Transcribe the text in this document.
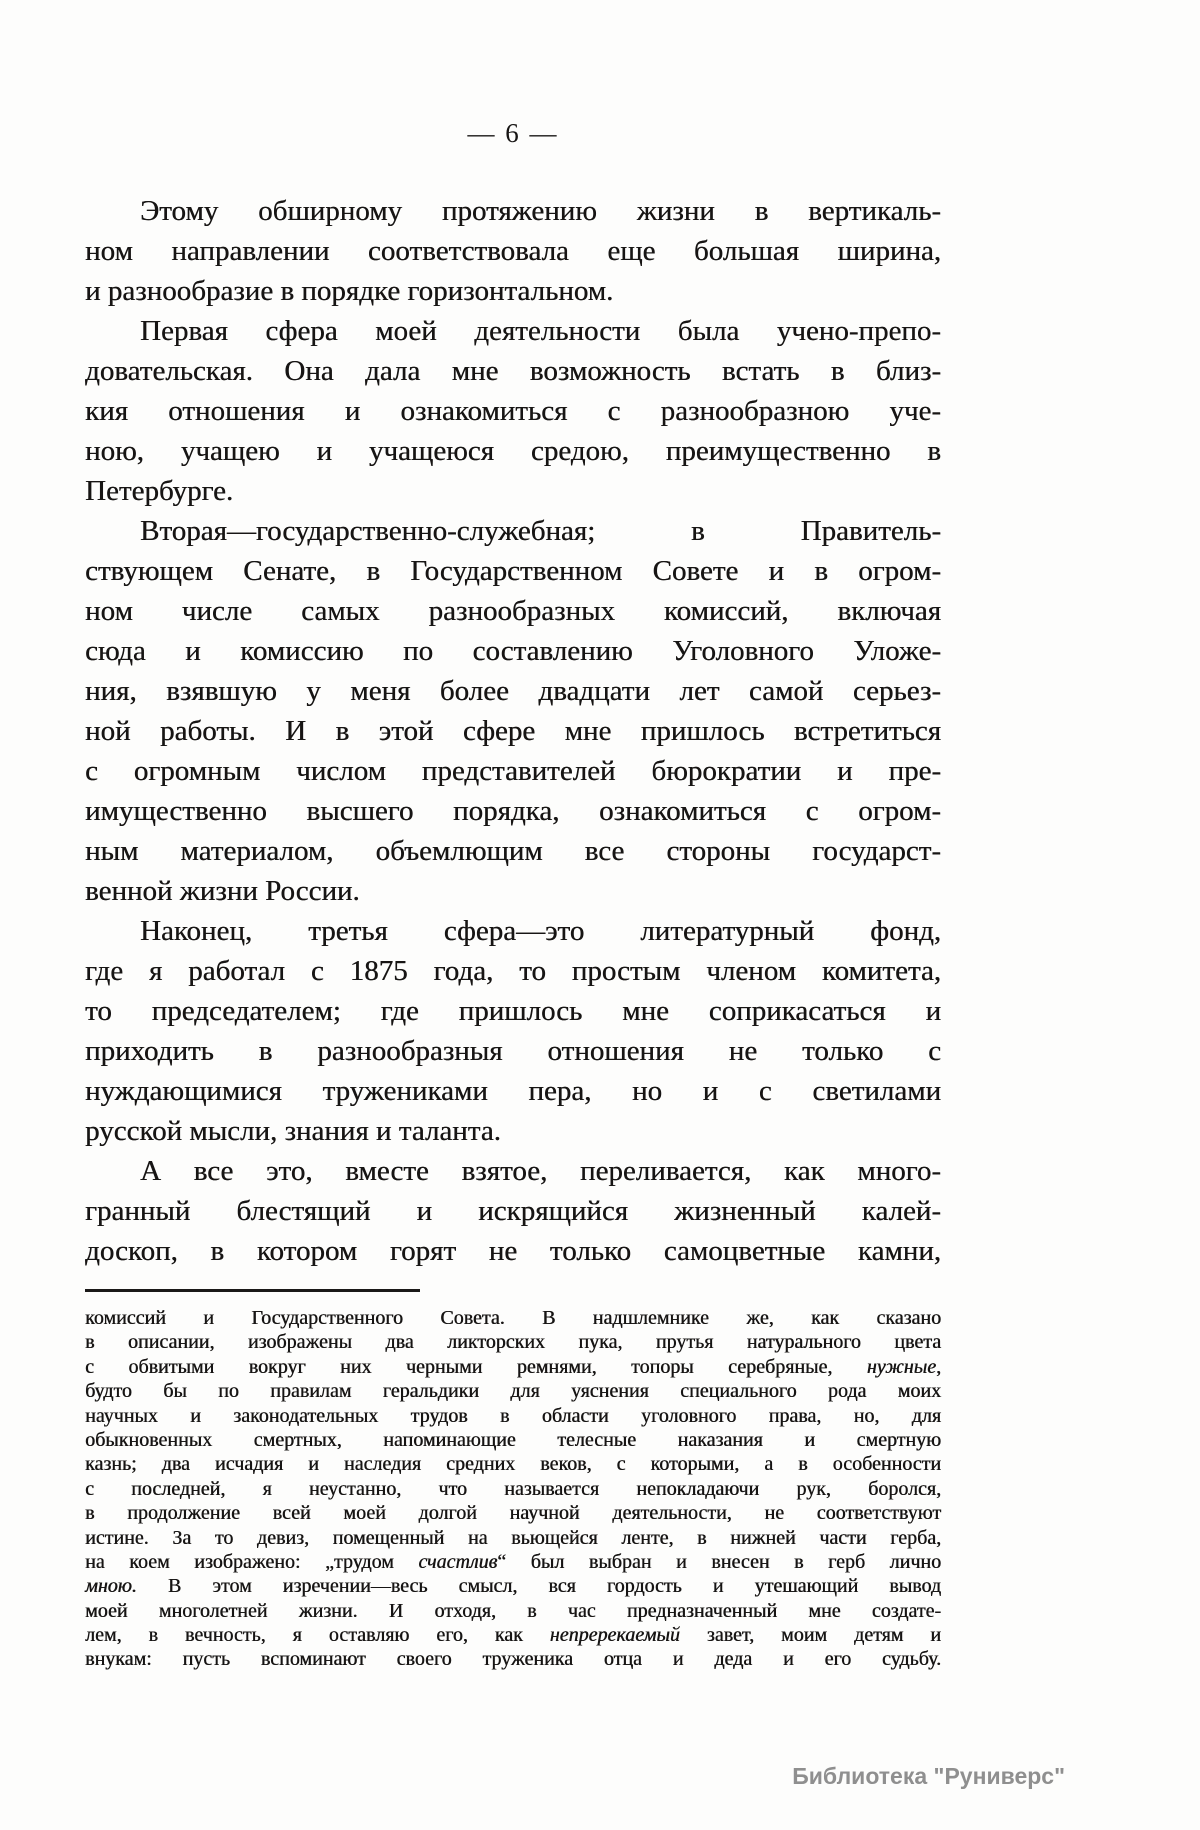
— 6 —
Этому обширному протяжению жизни в вертикаль-
ном направлении соответствовала еще большая ширина,
и разнообразие в порядке горизонтальном.
Первая сфера моей деятельности была учено-препо-
довательская. Она дала мне возможность встать в близ-
кия отношения и ознакомиться с разнообразною уче-
ною, учащею и учащеюся средою, преимущественно в
Петербурге.
Вторая—государственно-служебная; в Правитель-
ствующем Сенате, в Государственном Совете и в огром-
ном числе самых разнообразных комиссий, включая
сюда и комиссию по составлению Уголовного Уложе-
ния, взявшую у меня более двадцати лет самой серьез-
ной работы. И в этой сфере мне пришлось встретиться
с огромным числом представителей бюрократии и пре-
имущественно высшего порядка, ознакомиться с огром-
ным материалом, объемлющим все стороны государст-
венной жизни России.
Наконец, третья сфера—это литературный фонд,
где я работал с 1875 года, то простым членом комитета,
то председателем; где пришлось мне соприкасаться и
приходить в разнообразныя отношения не только с
нуждающимися тружениками пера, но и с светилами
русской мысли, знания и таланта.
А все это, вместе взятое, переливается, как много-
гранный блестящий и искрящийся жизненный калей-
доскоп, в котором горят не только самоцветные камни,
комиссий и Государственного Совета. В надшлемнике же, как сказано
в описании, изображены два ликторских пука, прутья натурального цвета
с обвитыми вокруг них черными ремнями, топоры серебряные, нужные,
будто бы по правилам геральдики для уяснения специального рода моих
научных и законодательных трудов в области уголовного права, но, для
обыкновенных смертных, напоминающие телесные наказания и смертную
казнь; два исчадия и наследия средних веков, с которыми, а в особенности
с последней, я неустанно, что называется непокладаючи рук, боролся,
в продолжение всей моей долгой научной деятельности, не соответствуют
истине. За то девиз, помещенный на вьющейся ленте, в нижней части герба,
на коем изображено: „трудом счастлив“ был выбран и внесен в герб лично
мною. В этом изречении—весь смысл, вся гордость и утешающий вывод
моей многолетней жизни. И отходя, в час предназначенный мне создате-
лем, в вечность, я оставляю его, как непререкаемый завет, моим детям и
внукам: пусть вспоминают своего труженика отца и деда и его судьбу.
Библиотека "Руниверс"
